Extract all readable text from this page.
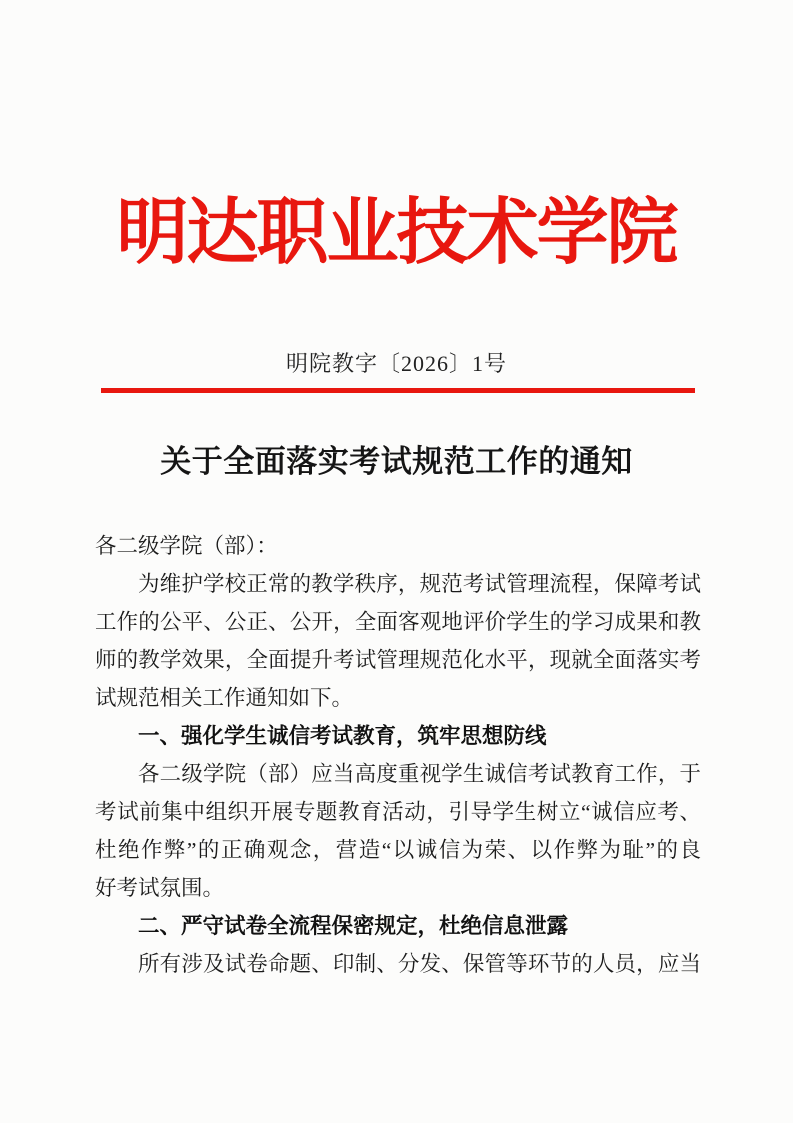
明达职业技术学院
明院教字〔2026〕1号
关于全面落实考试规范工作的通知
各二级学院（部）：
为维护学校正常的教学秩序，规范考试管理流程，保障考试
工作的公平、公正、公开，全面客观地评价学生的学习成果和教
师的教学效果，全面提升考试管理规范化水平，现就全面落实考
试规范相关工作通知如下。
一、强化学生诚信考试教育，筑牢思想防线
各二级学院（部）应当高度重视学生诚信考试教育工作，于
考试前集中组织开展专题教育活动，引导学生树立“诚信应考、
杜绝作弊”的正确观念，营造“以诚信为荣、以作弊为耻”的良
好考试氛围。
二、严守试卷全流程保密规定，杜绝信息泄露
所有涉及试卷命题、印制、分发、保管等环节的人员，应当
